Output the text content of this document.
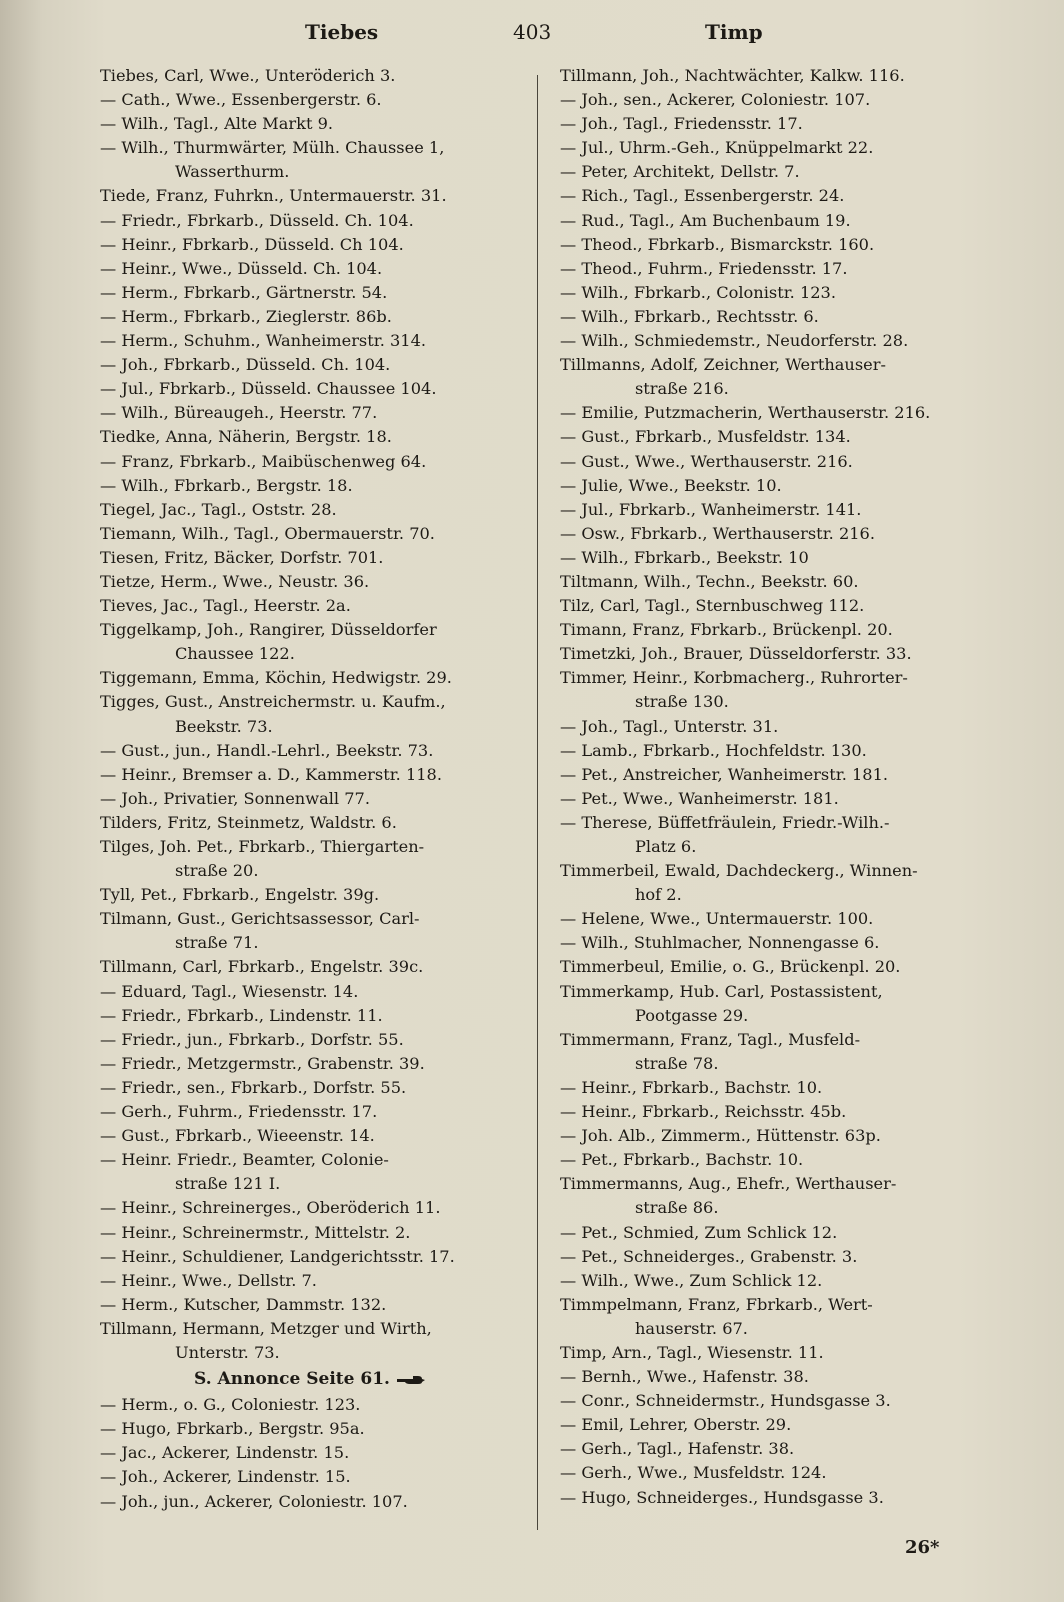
Tiebes	403	Timp
Tiebes, Carl, Wwe., Unteröderich 3.
— Cath., Wwe., Essenbergerstr. 6.
— Wilh., Tagl., Alte Markt 9.
— Wilh., Thurmwärter, Mülh. Chaussee 1,
Wasserthurm.
Tiede, Franz, Fuhrkn., Untermauerstr. 31.
— Friedr., Fbrkarb., Düsseld. Ch. 104.
— Heinr., Fbrkarb., Düsseld. Ch 104.
— Heinr., Wwe., Düsseld. Ch. 104.
— Herm., Fbrkarb., Gärtnerstr. 54.
— Herm., Fbrkarb., Zieglerstr. 86b.
— Herm., Schuhm., Wanheimerstr. 314.
— Joh., Fbrkarb., Düsseld. Ch. 104.
— Jul., Fbrkarb., Düsseld. Chaussee 104.
— Wilh., Büreaugeh., Heerstr. 77.
Tiedke, Anna, Näherin, Bergstr. 18.
— Franz, Fbrkarb., Maibüschenweg 64.
— Wilh., Fbrkarb., Bergstr. 18.
Tiegel, Jac., Tagl., Oststr. 28.
Tiemann, Wilh., Tagl., Obermauerstr. 70.
Tiesen, Fritz, Bäcker, Dorfstr. 701.
Tietze, Herm., Wwe., Neustr. 36.
Tieves, Jac., Tagl., Heerstr. 2a.
Tiggelkamp, Joh., Rangirer, Düsseldorfer
Chaussee 122.
Tiggemann, Emma, Köchin, Hedwigstr. 29.
Tigges, Gust., Anstreichermstr. u. Kaufm.,
Beekstr. 73.
— Gust., jun., Handl.-Lehrl., Beekstr. 73.
— Heinr., Bremser a. D., Kammerstr. 118.
— Joh., Privatier, Sonnenwall 77.
Tilders, Fritz, Steinmetz, Waldstr. 6.
Tilges, Joh. Pet., Fbrkarb., Thiergarten-
straße 20.
Tyll, Pet., Fbrkarb., Engelstr. 39g.
Tilmann, Gust., Gerichtsassessor, Carl-
straße 71.
Tillmann, Carl, Fbrkarb., Engelstr. 39c.
— Eduard, Tagl., Wiesenstr. 14.
— Friedr., Fbrkarb., Lindenstr. 11.
— Friedr., jun., Fbrkarb., Dorfstr. 55.
— Friedr., Metzgermstr., Grabenstr. 39.
— Friedr., sen., Fbrkarb., Dorfstr. 55.
— Gerh., Fuhrm., Friedensstr. 17.
— Gust., Fbrkarb., Wieeenstr. 14.
— Heinr. Friedr., Beamter, Colonie-
straße 121 I.
— Heinr., Schreinerges., Oberöderich 11.
— Heinr., Schreinermstr., Mittelstr. 2.
— Heinr., Schuldiener, Landgerichtsstr. 17.
— Heinr., Wwe., Dellstr. 7.
— Herm., Kutscher, Dammstr. 132.
Tillmann, Hermann, Metzger und Wirth,
Unterstr. 73.
S. Annonce Seite 61.
— Herm., o. G., Coloniestr. 123.
— Hugo, Fbrkarb., Bergstr. 95a.
— Jac., Ackerer, Lindenstr. 15.
— Joh., Ackerer, Lindenstr. 15.
— Joh., jun., Ackerer, Coloniestr. 107.
Tillmann, Joh., Nachtwächter, Kalkw. 116.
— Joh., sen., Ackerer, Coloniestr. 107.
— Joh., Tagl., Friedensstr. 17.
— Jul., Uhrm.-Geh., Knüppelmarkt 22.
— Peter, Architekt, Dellstr. 7.
— Rich., Tagl., Essenbergerstr. 24.
— Rud., Tagl., Am Buchenbaum 19.
— Theod., Fbrkarb., Bismarckstr. 160.
— Theod., Fuhrm., Friedensstr. 17.
— Wilh., Fbrkarb., Colonistr. 123.
— Wilh., Fbrkarb., Rechtsstr. 6.
— Wilh., Schmiedemstr., Neudorferstr. 28.
Tillmanns, Adolf, Zeichner, Werthauser-
straße 216.
— Emilie, Putzmacherin, Werthauserstr. 216.
— Gust., Fbrkarb., Musfeldstr. 134.
— Gust., Wwe., Werthauserstr. 216.
— Julie, Wwe., Beekstr. 10.
— Jul., Fbrkarb., Wanheimerstr. 141.
— Osw., Fbrkarb., Werthauserstr. 216.
— Wilh., Fbrkarb., Beekstr. 10
Tiltmann, Wilh., Techn., Beekstr. 60.
Tilz, Carl, Tagl., Sternbuschweg 112.
Timann, Franz, Fbrkarb., Brückenpl. 20.
Timetzki, Joh., Brauer, Düsseldorferstr. 33.
Timmer, Heinr., Korbmacherg., Ruhrorter-
straße 130.
— Joh., Tagl., Unterstr. 31.
— Lamb., Fbrkarb., Hochfeldstr. 130.
— Pet., Anstreicher, Wanheimerstr. 181.
— Pet., Wwe., Wanheimerstr. 181.
— Therese, Büffetfräulein, Friedr.-Wilh.-
Platz 6.
Timmerbeil, Ewald, Dachdeckerg., Winnen-
hof 2.
— Helene, Wwe., Untermauerstr. 100.
— Wilh., Stuhlmacher, Nonnengasse 6.
Timmerbeul, Emilie, o. G., Brückenpl. 20.
Timmerkamp, Hub. Carl, Postassistent,
Pootgasse 29.
Timmermann, Franz, Tagl., Musfeld-
straße 78.
— Heinr., Fbrkarb., Bachstr. 10.
— Heinr., Fbrkarb., Reichsstr. 45b.
— Joh. Alb., Zimmerm., Hüttenstr. 63p.
— Pet., Fbrkarb., Bachstr. 10.
Timmermanns, Aug., Ehefr., Werthauser-
straße 86.
— Pet., Schmied, Zum Schlick 12.
— Pet., Schneiderges., Grabenstr. 3.
— Wilh., Wwe., Zum Schlick 12.
Timmpelmann, Franz, Fbrkarb., Wert-
hauserstr. 67.
Timp, Arn., Tagl., Wiesenstr. 11.
— Bernh., Wwe., Hafenstr. 38.
— Conr., Schneidermstr., Hundsgasse 3.
— Emil, Lehrer, Oberstr. 29.
— Gerh., Tagl., Hafenstr. 38.
— Gerh., Wwe., Musfeldstr. 124.
— Hugo, Schneiderges., Hundsgasse 3.
26*
